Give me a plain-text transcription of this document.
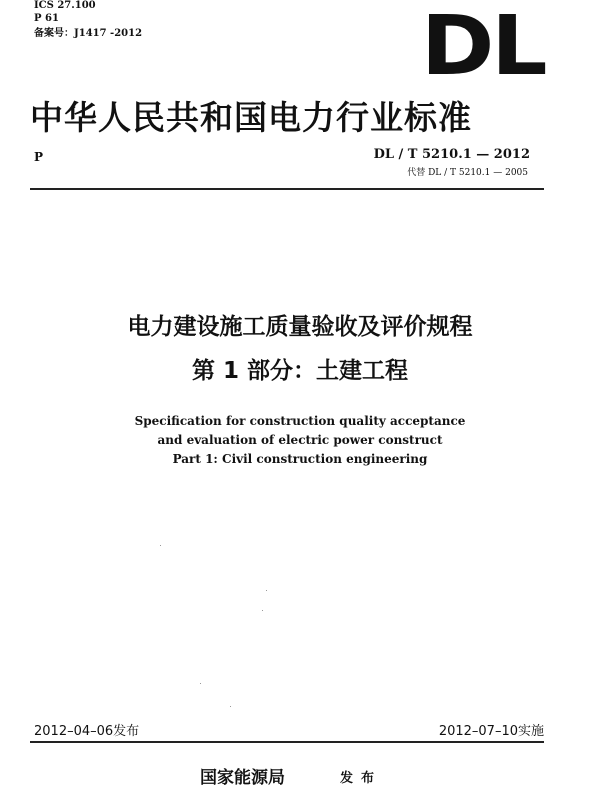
ICS 27.100
P 61
备案号：J1417 -2012	DL
中华人民共和国电力行业标准
P	DL / T 5210.1 — 2012
代替 DL / T 5210.1 — 2005
电力建设施工质量验收及评价规程
第 1 部分：土建工程
Specification for construction quality acceptance
and evaluation of electric power construct
Part 1: Civil construction engineering
2012–04–06发布	2012–07–10实施
国家能源局	发布
